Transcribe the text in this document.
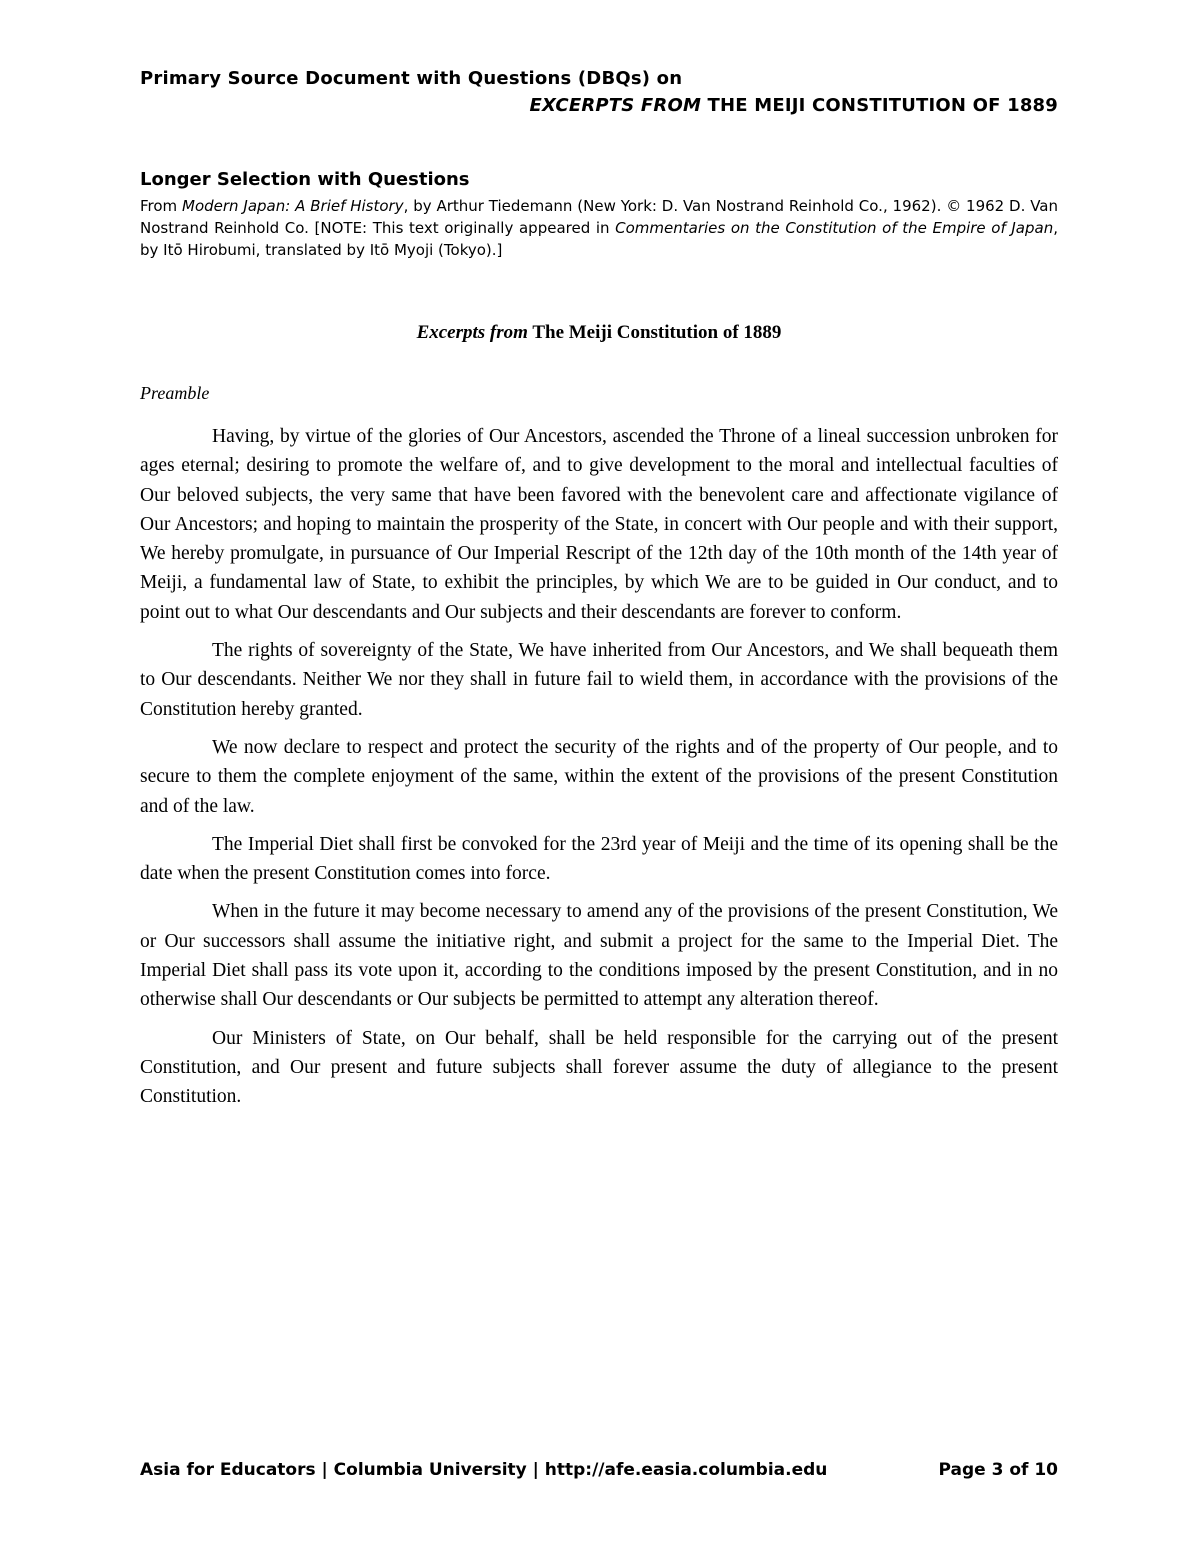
Primary Source Document with Questions (DBQs) on
EXCERPTS FROM THE MEIJI CONSTITUTION OF 1889
Longer Selection with Questions
From Modern Japan: A Brief History, by Arthur Tiedemann (New York: D. Van Nostrand Reinhold Co., 1962). © 1962 D. Van Nostrand Reinhold Co. [NOTE: This text originally appeared in Commentaries on the Constitution of the Empire of Japan, by Itō Hirobumi, translated by Itō Myoji (Tokyo).]
Excerpts from The Meiji Constitution of 1889
Preamble

Having, by virtue of the glories of Our Ancestors, ascended the Throne of a lineal succession unbroken for ages eternal; desiring to promote the welfare of, and to give development to the moral and intellectual faculties of Our beloved subjects, the very same that have been favored with the benevolent care and affectionate vigilance of Our Ancestors; and hoping to maintain the prosperity of the State, in concert with Our people and with their support, We hereby promulgate, in pursuance of Our Imperial Rescript of the 12th day of the 10th month of the 14th year of Meiji, a fundamental law of State, to exhibit the principles, by which We are to be guided in Our conduct, and to point out to what Our descendants and Our subjects and their descendants are forever to conform.

The rights of sovereignty of the State, We have inherited from Our Ancestors, and We shall bequeath them to Our descendants. Neither We nor they shall in future fail to wield them, in accordance with the provisions of the Constitution hereby granted.

We now declare to respect and protect the security of the rights and of the property of Our people, and to secure to them the complete enjoyment of the same, within the extent of the provisions of the present Constitution and of the law.

The Imperial Diet shall first be convoked for the 23rd year of Meiji and the time of its opening shall be the date when the present Constitution comes into force.

When in the future it may become necessary to amend any of the provisions of the present Constitution, We or Our successors shall assume the initiative right, and submit a project for the same to the Imperial Diet. The Imperial Diet shall pass its vote upon it, according to the conditions imposed by the present Constitution, and in no otherwise shall Our descendants or Our subjects be permitted to attempt any alteration thereof.

Our Ministers of State, on Our behalf, shall be held responsible for the carrying out of the present Constitution, and Our present and future subjects shall forever assume the duty of allegiance to the present Constitution.

Asia for Educators | Columbia University | http://afe.easia.columbia.edu	Page 3 of 10
